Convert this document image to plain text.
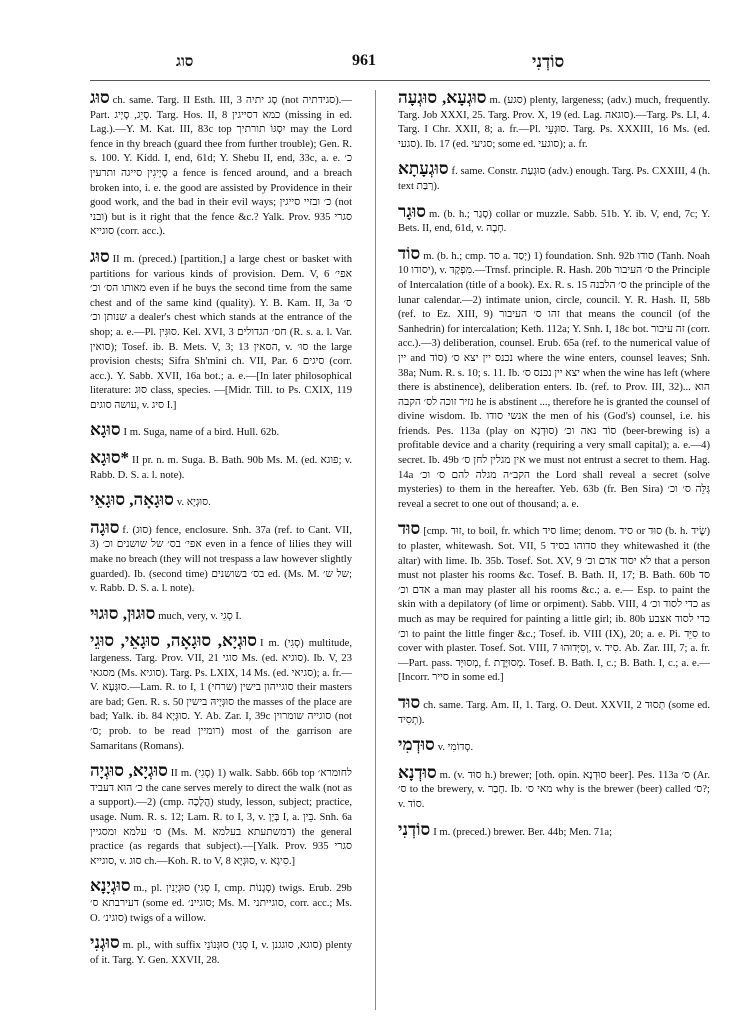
סוג	961	סוֹדְנִי
סוּג ch. same. Targ. II Esth. III, 3 סָג יתיה (not סגידתיה).— Part. סָיֵג, סָיְיג. Targ. Hos. II, 8 כמא דסייגין (missing in ed. Lag.).—Y. M. Kat. III, 83c top יִסְגּוֹ תורתיך may the Lord fence in thy breach (guard thee from further trouble); Gen. R. s. 100. Y. Kidd. I, end, 61d; Y. Shebu II, end, 33c, a. e. כ׳ סְיָיגִין סייגה ותרעין a fence is fenced around, and a breach broken into, i. e. the good are assisted by Providence in their good work, and the bad in their evil ways; כ׳ ובזיי סייגין (not ובני) but is it right that the fence &c.? Yalk. Prov. 935 סגרי סוגייא (corr. acc.).
סוּג II m. (preced.) [partition,] a large chest or basket with partitions for various kinds of provision. Dem. V, 6 אפי׳ מאותו הס׳ וכ׳ even if he buys the second time from the same chest and of the same kind (quality). Y. B. Kam. II, 3a ס׳ שנותן וכ׳ a dealer's chest which stands at the entrance of the shop; a. e.—Pl. סוּגִּין. Kel. XVI, 3 חס׳ הגדולים (R. s. a. l. Var. סואין); Tosef. ib. B. Mets. V, 3; 13 הסאין, v. סוּ׳ the large provision chests; Sifra Sh'mini ch. VII, Par. 6 סיגים (corr. acc.). Y. Sabb. XVII, 16a bot.; a. e.—[In later philosophical literature: סוּג class, species. —[Midr. Till. to Ps. CXIX, 119 עושה סוגים, v. סיג I.]
סוּגָא I m. Suga, name of a bird. Hull. 62b.
*סוּגָא II pr. n. m. Suga. B. Bath. 90b Ms. M. (ed. פוגא; v. Rabb. D. S. a. l. note).
סוּגָאָה, סוּגָאֵי v. סוּגְיָא.
סוּגָה f. (סוּג) fence, enclosure. Snh. 37a (ref. to Cant. VII, 3) אפי׳ בס׳ של שושנים וכ׳ even in a fence of lilies they will make no breach (they will not trespass a law however slightly guarded). Ib. (second time) בס׳ בשושנים ed. (Ms. M. של ש׳; v. Rabb. D. S. a. l. note).
סוּגוּן, סוּגוּי much, very, v. סְגִי I.
סוּגְיָא, סוּגָאָה, סוּגָאֵי, סוּגֵי I m. (סְגִי) multitude, largeness. Targ. Prov. VII, 21 סוגי Ms. (ed. סוגיא). Ib. V, 23 מסגאי (Ms. סוגיא). Targ. Ps. LXIX, 14 Ms. (ed. סגיאי); a. fr.—V. סוּגְּעָא.—Lam. R. to I, 1 סוגייהון בישין (שרחי) their masters are bad; Gen. R. s. 50 סוּגְּיָיהּ בישין the masses of the place are bad; Yalk. ib. 84 סוּגְּיָא. Y. Ab. Zar. I, 39c סוגייה שומרוין (not ס׳; prob. to be read רומיין) most of the garrison are Samaritans (Romans).
סוּגְיָא, סוּגְיָה II m. (סְגִי) 1) walk. Sabb. 66b top לחומרא׳ כ׳ הוא דעביד the cane serves merely to direct the walk (not as a support).—2) (cmp. הֲלָכָה) study, lesson, subject; practice, usage. Num. R. s. 12; Lam. R. to I, 3, v. בְּיָן I, a. בֵּין. Snh. 6a ס׳ עלמא ומסגיין (Ms. M. דמשתעתא בעלמא) the general practice (as regards that subject).—[Yalk. Prov. 935 סגרי סוגייא, v. סוּג ch.—Koh. R. to V, 8 סוּגְיָא, v. סִיגָא.]
סוּגְיָנָא m., pl. סוּגְיָנִין (סְגִי I, cmp. סְגָנוֹת) twigs. Erub. 29b דעירבתא ס׳ (some ed. סוגיינ׳; Ms. M. סוגייתני, corr. acc.; Ms. O. סוגינ׳) twigs of a willow.
סוּגְנִי m. pl., with suffix סוּגְּנוֹנֵי (סְגִי I, v. סוגא, סוגגנן) plenty of it. Targ. Y. Gen. XXVII, 28.
סוּגְעָא, סוּגְעָה m. (סגע) plenty, largeness; (adv.) much, frequently. Targ. Job XXXI, 25. Targ. Prov. X, 19 (ed. Lag. סוגאה).—Targ. Ps. LI, 4. Targ. I Chr. XXII, 8; a. fr.—Pl. סוּגְּעֵי. Targ. Ps. XXXIII, 16 Ms. (ed. סגעי). Ib. 17 (ed. סגיעי; some ed. סוגעי); a. fr.
סוּגְעָתָא f. same. Constr. סוּגְעַת (adv.) enough. Targ. Ps. CXXIII, 4 (h. text רַבַּת).
סוּגָר m. (b. h.; סָגַר) collar or muzzle. Sabb. 51b. Y. ib. V, end, 7c; Y. Bets. II, end, 61d, v. חָבָה.
סוֹד m. (b. h.; cmp. סד a. יָסַד) 1) foundation. Snh. 92b סודו (Tanh. Noah 10 יסודו), v. מִפְקָד.—Trnsf. principle. R. Hash. 20b ס׳ העיבור the Principle of Intercalation (title of a book). Ex. R. s. 15 ס׳ הלבנה the principle of the lunar calendar.—2) intimate union, circle, council. Y. R. Hash. II, 58b (ref. to Ez. XIII, 9) זהו ס׳ העיבור that means the council (of the Sanhedrin) for intercalation; Keth. 112a; Y. Snh. I, 18c bot. זה עיבור (corr. acc.).—3) deliberation, counsel. Erub. 65a (ref. to the numerical value of יין and סוֹד) נכנס יין יצא ס׳ where the wine enters, counsel leaves; Snh. 38a; Num. R. s. 10; s. 11. Ib. יצא יין נכנס ס׳ when the wine has left (where there is abstinence), deliberation enters. Ib. (ref. to Prov. III, 32)... הוא נזיר זוכה לס׳ הקבה he is abstinent ..., therefore he is granted the counsel of divine wisdom. Ib. אנשי סודו the men of his (God's) counsel, i.e. his friends. Pes. 113a (play on סוּדְנָא) סוֹד נאה וכ׳ (beer-brewing is) a profitable device and a charity (requiring a very small capital); a. e.—4) secret. Ib. 49b אין מגלין לחן ס׳ we must not entrust a secret to them. Hag. 14a הקב״ה מגלה להם ס׳ וכ׳ the Lord shall reveal a secret (solve mysteries) to them in the hereafter. Yeb. 63b (fr. Ben Sira) גְּלֵּה ס׳ וכ׳ reveal a secret to one out of thousand; a. e.
סוּד [cmp. זוּד, to boil, fr. which סיד lime; denom. סיד or סוּד (b. h. שָׂיד) to plaster, whitewash. Sot. VII, 5 סדוהו בסיד they whitewashed it (the altar) with lime. Ib. 35b. Tosef. Sot. XV, 9 לא יסוד אדם וכ׳ that a person must not plaster his rooms &c. Tosef. B. Bath. II, 17; B. Bath. 60b סד אדם וכ׳ a man may plaster all his rooms &c.; a. e.— Esp. to paint the skin with a depilatory (of lime or orpiment). Sabb. VIII, 4 כדי לסוד וכ׳ as much as may be required for painting a little girl; ib. 80b כדי לסוד אצבע וכ׳ to paint the little finger &c.; Tosef. ib. VIII (IX), 20; a. e. Pi. סִיֵּד to cover with plaster. Tosef. Sot. VIII, 7 וְסִיְּדוּהוּ, v. סִיד. Ab. Zar. III, 7; a. fr.—Part. pass. מְסוּיָּד, f. מְסוּיֶּדֶת. Tosef. B. Bath. I, c.; B. Bath. I, c.; a. e.—[Incorr. סייר in some ed.]
סוּד ch. same. Targ. Am. II, 1. Targ. O. Deut. XXVII, 2 תְסוּד (some ed. תְסִיד).
סוּדְמִי v. סְדוֹמִי.
סוּדְנָא m. (v. סוּד h.) brewer; [oth. opin. סוּדְנָא beer]. Pes. 113a ס׳ (Ar. ס׳ to the brewery, v. חָבַר. Ib. מאי ס׳ why is the brewer (beer) called ס׳?; v. סוֹד.
סוֹדְנִי I m. (preced.) brewer. Ber. 44b; Men. 71a;
